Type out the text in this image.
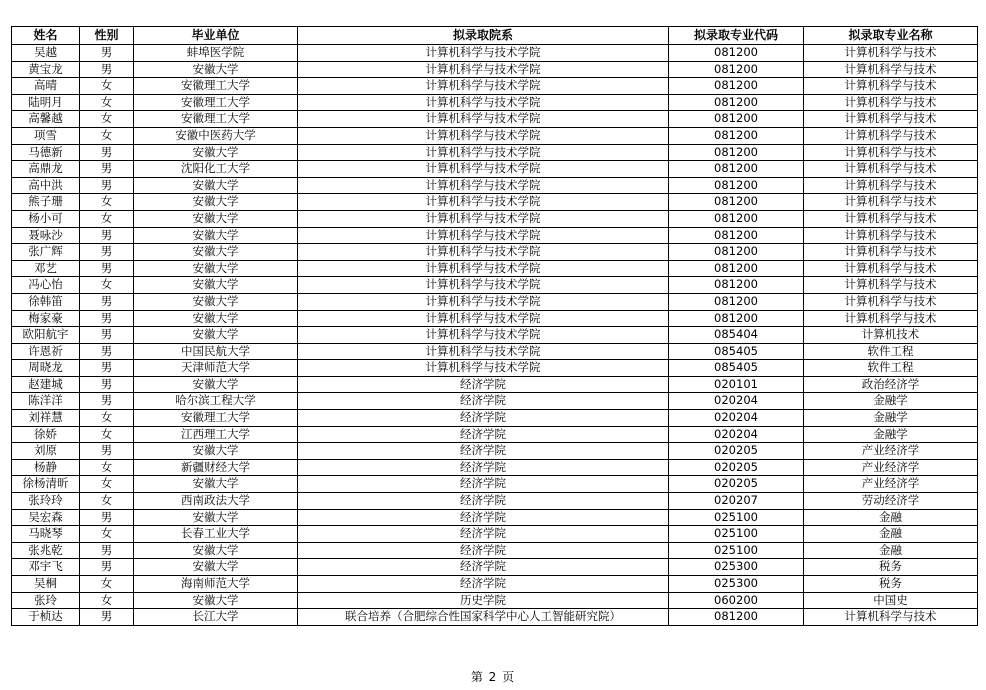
姓名	性别	毕业单位	拟录取院系	拟录取专业代码	拟录取专业名称
吴越	男	蚌埠医学院	计算机科学与技术学院	081200	计算机科学与技术
黄宝龙	男	安徽大学	计算机科学与技术学院	081200	计算机科学与技术
高晴	女	安徽理工大学	计算机科学与技术学院	081200	计算机科学与技术
陆明月	女	安徽理工大学	计算机科学与技术学院	081200	计算机科学与技术
高馨越	女	安徽理工大学	计算机科学与技术学院	081200	计算机科学与技术
项雪	女	安徽中医药大学	计算机科学与技术学院	081200	计算机科学与技术
马德新	男	安徽大学	计算机科学与技术学院	081200	计算机科学与技术
高鼎龙	男	沈阳化工大学	计算机科学与技术学院	081200	计算机科学与技术
高中洪	男	安徽大学	计算机科学与技术学院	081200	计算机科学与技术
熊子珊	女	安徽大学	计算机科学与技术学院	081200	计算机科学与技术
杨小可	女	安徽大学	计算机科学与技术学院	081200	计算机科学与技术
聂咏沙	男	安徽大学	计算机科学与技术学院	081200	计算机科学与技术
张广辉	男	安徽大学	计算机科学与技术学院	081200	计算机科学与技术
邓艺	男	安徽大学	计算机科学与技术学院	081200	计算机科学与技术
冯心怡	女	安徽大学	计算机科学与技术学院	081200	计算机科学与技术
徐韩笛	男	安徽大学	计算机科学与技术学院	081200	计算机科学与技术
梅家豪	男	安徽大学	计算机科学与技术学院	081200	计算机科学与技术
欧阳航宇	男	安徽大学	计算机科学与技术学院	085404	计算机技术
许恩祈	男	中国民航大学	计算机科学与技术学院	085405	软件工程
周晓龙	男	天津师范大学	计算机科学与技术学院	085405	软件工程
赵建城	男	安徽大学	经济学院	020101	政治经济学
陈洋洋	男	哈尔滨工程大学	经济学院	020204	金融学
刘祥慧	女	安徽理工大学	经济学院	020204	金融学
徐娇	女	江西理工大学	经济学院	020204	金融学
刘原	男	安徽大学	经济学院	020205	产业经济学
杨静	女	新疆财经大学	经济学院	020205	产业经济学
徐杨清昕	女	安徽大学	经济学院	020205	产业经济学
张玲玲	女	西南政法大学	经济学院	020207	劳动经济学
吴宏森	男	安徽大学	经济学院	025100	金融
马晓琴	女	长春工业大学	经济学院	025100	金融
张兆乾	男	安徽大学	经济学院	025100	金融
邓宇飞	男	安徽大学	经济学院	025300	税务
吴桐	女	海南师范大学	经济学院	025300	税务
张玲	女	安徽大学	历史学院	060200	中国史
于桢达	男	长江大学	联合培养（合肥综合性国家科学中心人工智能研究院）	081200	计算机科学与技术
第 2 页
